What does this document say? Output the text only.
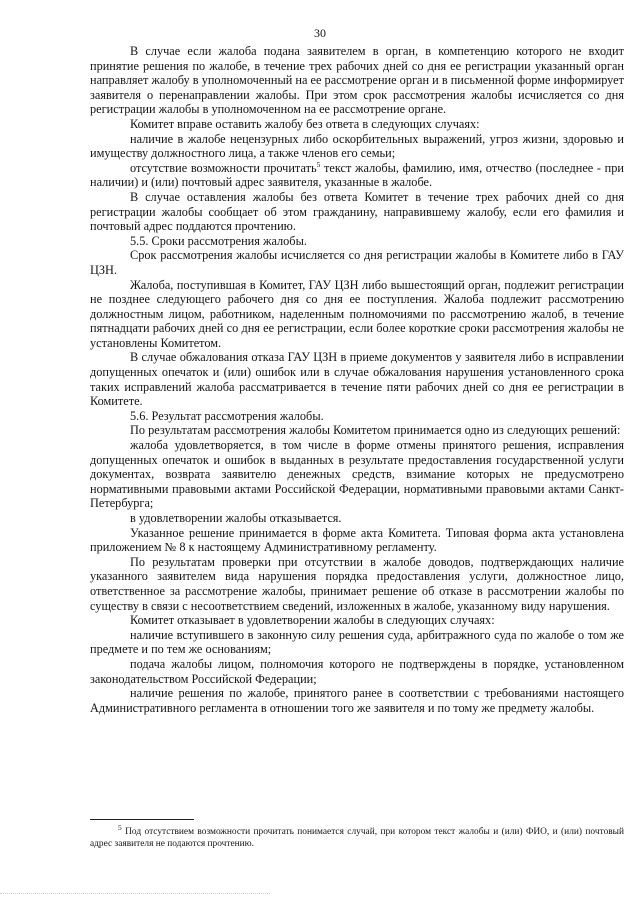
30

В случае если жалоба подана заявителем в орган, в компетенцию которого не входит принятие решения по жалобе, в течение трех рабочих дней со дня ее регистрации указанный орган направляет жалобу в уполномоченный на ее рассмотрение орган и в письменной форме информирует заявителя о перенаправлении жалобы. При этом срок рассмотрения жалобы исчисляется со дня регистрации жалобы в уполномоченном на ее рассмотрение органе.

Комитет вправе оставить жалобу без ответа в следующих случаях:

наличие в жалобе нецензурных либо оскорбительных выражений, угроз жизни, здоровью и имуществу должностного лица, а также членов его семьи;

отсутствие возможности прочитать$^5$ текст жалобы, фамилию, имя, отчество (последнее - при наличии) и (или) почтовый адрес заявителя, указанные в жалобе.

В случае оставления жалобы без ответа Комитет в течение трех рабочих дней со дня регистрации жалобы сообщает об этом гражданину, направившему жалобу, если его фамилия и почтовый адрес поддаются прочтению.

5.5. Сроки рассмотрения жалобы.

Срок рассмотрения жалобы исчисляется со дня регистрации жалобы в Комитете либо в ГАУ ЦЗН.

Жалоба, поступившая в Комитет, ГАУ ЦЗН либо вышестоящий орган, подлежит регистрации не позднее следующего рабочего дня со дня ее поступления. Жалоба подлежит рассмотрению должностным лицом, работником, наделенным полномочиями по рассмотрению жалоб, в течение пятнадцати рабочих дней со дня ее регистрации, если более короткие сроки рассмотрения жалобы не установлены Комитетом.

В случае обжалования отказа ГАУ ЦЗН в приеме документов у заявителя либо в исправлении допущенных опечаток и (или) ошибок или в случае обжалования нарушения установленного срока таких исправлений жалоба рассматривается в течение пяти рабочих дней со дня ее регистрации в Комитете.

5.6. Результат рассмотрения жалобы.

По результатам рассмотрения жалобы Комитетом принимается одно из следующих решений:

жалоба удовлетворяется, в том числе в форме отмены принятого решения, исправления допущенных опечаток и ошибок в выданных в результате предоставления государственной услуги документах, возврата заявителю денежных средств, взимание которых не предусмотрено нормативными правовыми актами Российской Федерации, нормативными правовыми актами Санкт-Петербурга;

в удовлетворении жалобы отказывается.

Указанное решение принимается в форме акта Комитета. Типовая форма акта установлена приложением № 8 к настоящему Административному регламенту.

По результатам проверки при отсутствии в жалобе доводов, подтверждающих наличие указанного заявителем вида нарушения порядка предоставления услуги, должностное лицо, ответственное за рассмотрение жалобы, принимает решение об отказе в рассмотрении жалобы по существу в связи с несоответствием сведений, изложенных в жалобе, указанному виду нарушения.

Комитет отказывает в удовлетворении жалобы в следующих случаях:

наличие вступившего в законную силу решения суда, арбитражного суда по жалобе о том же предмете и по тем же основаниям;

подача жалобы лицом, полномочия которого не подтверждены в порядке, установленном законодательством Российской Федерации;

наличие решения по жалобе, принятого ранее в соответствии с требованиями настоящего Административного регламента в отношении того же заявителя и по тому же предмету жалобы.

$^5$ Под отсутствием возможности прочитать понимается случай, при котором текст жалобы и (или) ФИО, и (или) почтовый адрес заявителя не подаются прочтению.
